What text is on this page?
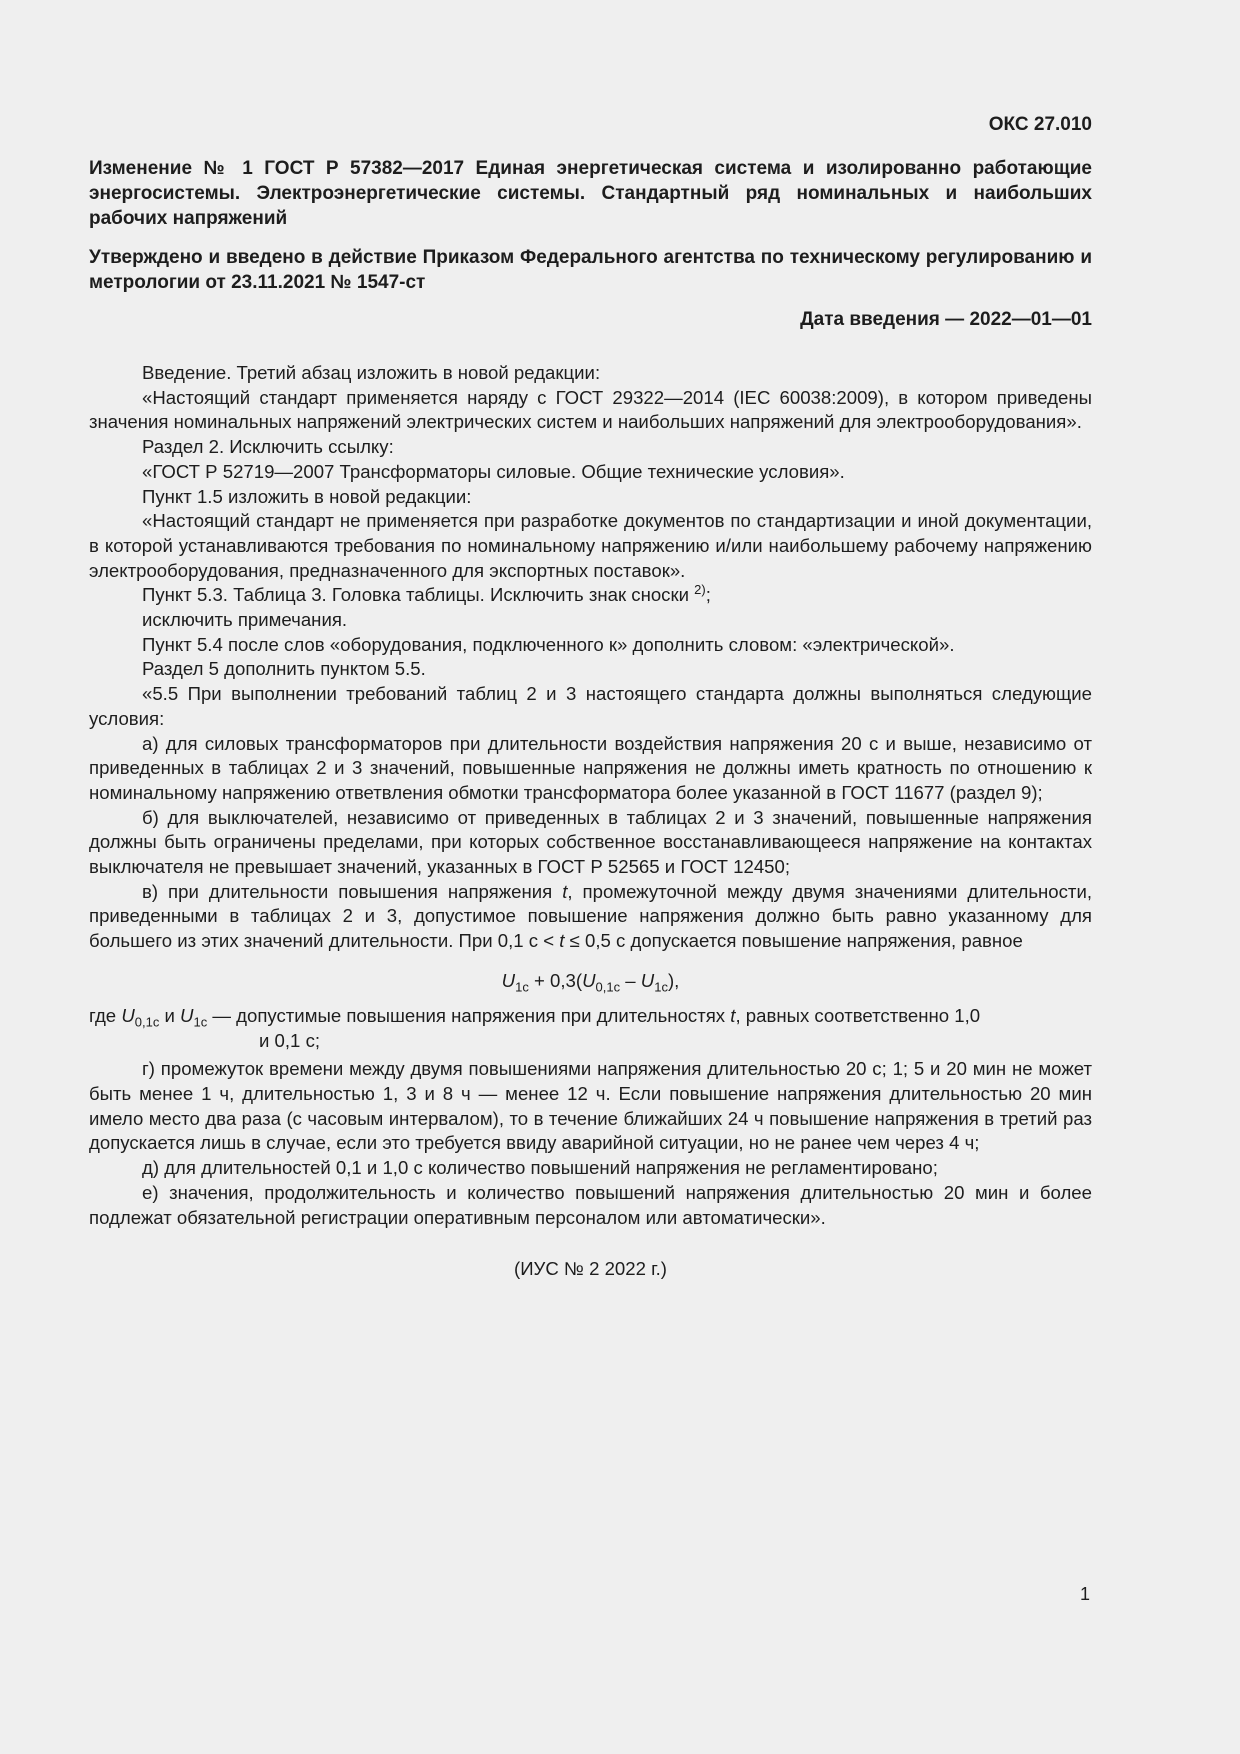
ОКС 27.010
Изменение № 1 ГОСТ Р 57382—2017 Единая энергетическая система и изолированно работающие энергосистемы. Электроэнергетические системы. Стандартный ряд номинальных и наибольших рабочих напряжений
Утверждено и введено в действие Приказом Федерального агентства по техническому регулированию и метрологии от 23.11.2021 № 1547-ст
Дата введения — 2022—01—01

Введение. Третий абзац изложить в новой редакции:

«Настоящий стандарт применяется наряду с ГОСТ 29322—2014 (IEC 60038:2009), в котором приведены значения номинальных напряжений электрических систем и наибольших напряжений для электрооборудования».

Раздел 2. Исключить ссылку:

«ГОСТ Р 52719—2007 Трансформаторы силовые. Общие технические условия».

Пункт 1.5 изложить в новой редакции:

«Настоящий стандарт не применяется при разработке документов по стандартизации и иной документации, в которой устанавливаются требования по номинальному напряжению и/или наибольшему рабочему напряжению электрооборудования, предназначенного для экспортных поставок».

Пункт 5.3. Таблица 3. Головка таблицы. Исключить знак сноски $^{2)}$;

исключить примечания.

Пункт 5.4 после слов «оборудования, подключенного к» дополнить словом: «электрической».

Раздел 5 дополнить пунктом 5.5.

«5.5 При выполнении требований таблиц 2 и 3 настоящего стандарта должны выполняться следующие условия:

а) для силовых трансформаторов при длительности воздействия напряжения 20 с и выше, независимо от приведенных в таблицах 2 и 3 значений, повышенные напряжения не должны иметь кратность по отношению к номинальному напряжению ответвления обмотки трансформатора более указанной в ГОСТ 11677 (раздел 9);

б) для выключателей, независимо от приведенных в таблицах 2 и 3 значений, повышенные напряжения должны быть ограничены пределами, при которых собственное восстанавливающееся напряжение на контактах выключателя не превышает значений, указанных в ГОСТ Р 52565 и ГОСТ 12450;

в) при длительности повышения напряжения t, промежуточной между двумя значениями длительности, приведенными в таблицах 2 и 3, допустимое повышение напряжения должно быть равно указанному для большего из этих значений длительности. При 0,1 с < t ≤ 0,5 с допускается повышение напряжения, равное

$U_{1с} + 0,3(U_{0,1с} - U_{1с})$,
где $U_{0,1с}$ и $U_{1с}$ — допустимые повышения напряжения при длительностях t, равных соответственно 1,0
и 0,1 с;

г) промежуток времени между двумя повышениями напряжения длительностью 20 с; 1; 5 и 20 мин не может быть менее 1 ч, длительностью 1, 3 и 8 ч — менее 12 ч. Если повышение напряжения длительностью 20 мин имело место два раза (с часовым интервалом), то в течение ближайших 24 ч повышение напряжения в третий раз допускается лишь в случае, если это требуется ввиду аварийной ситуации, но не ранее чем через 4 ч;

д) для длительностей 0,1 и 1,0 с количество повышений напряжения не регламентировано;

е) значения, продолжительность и количество повышений напряжения длительностью 20 мин и более подлежат обязательной регистрации оперативным персоналом или автоматически».

(ИУС № 2 2022 г.)
1
